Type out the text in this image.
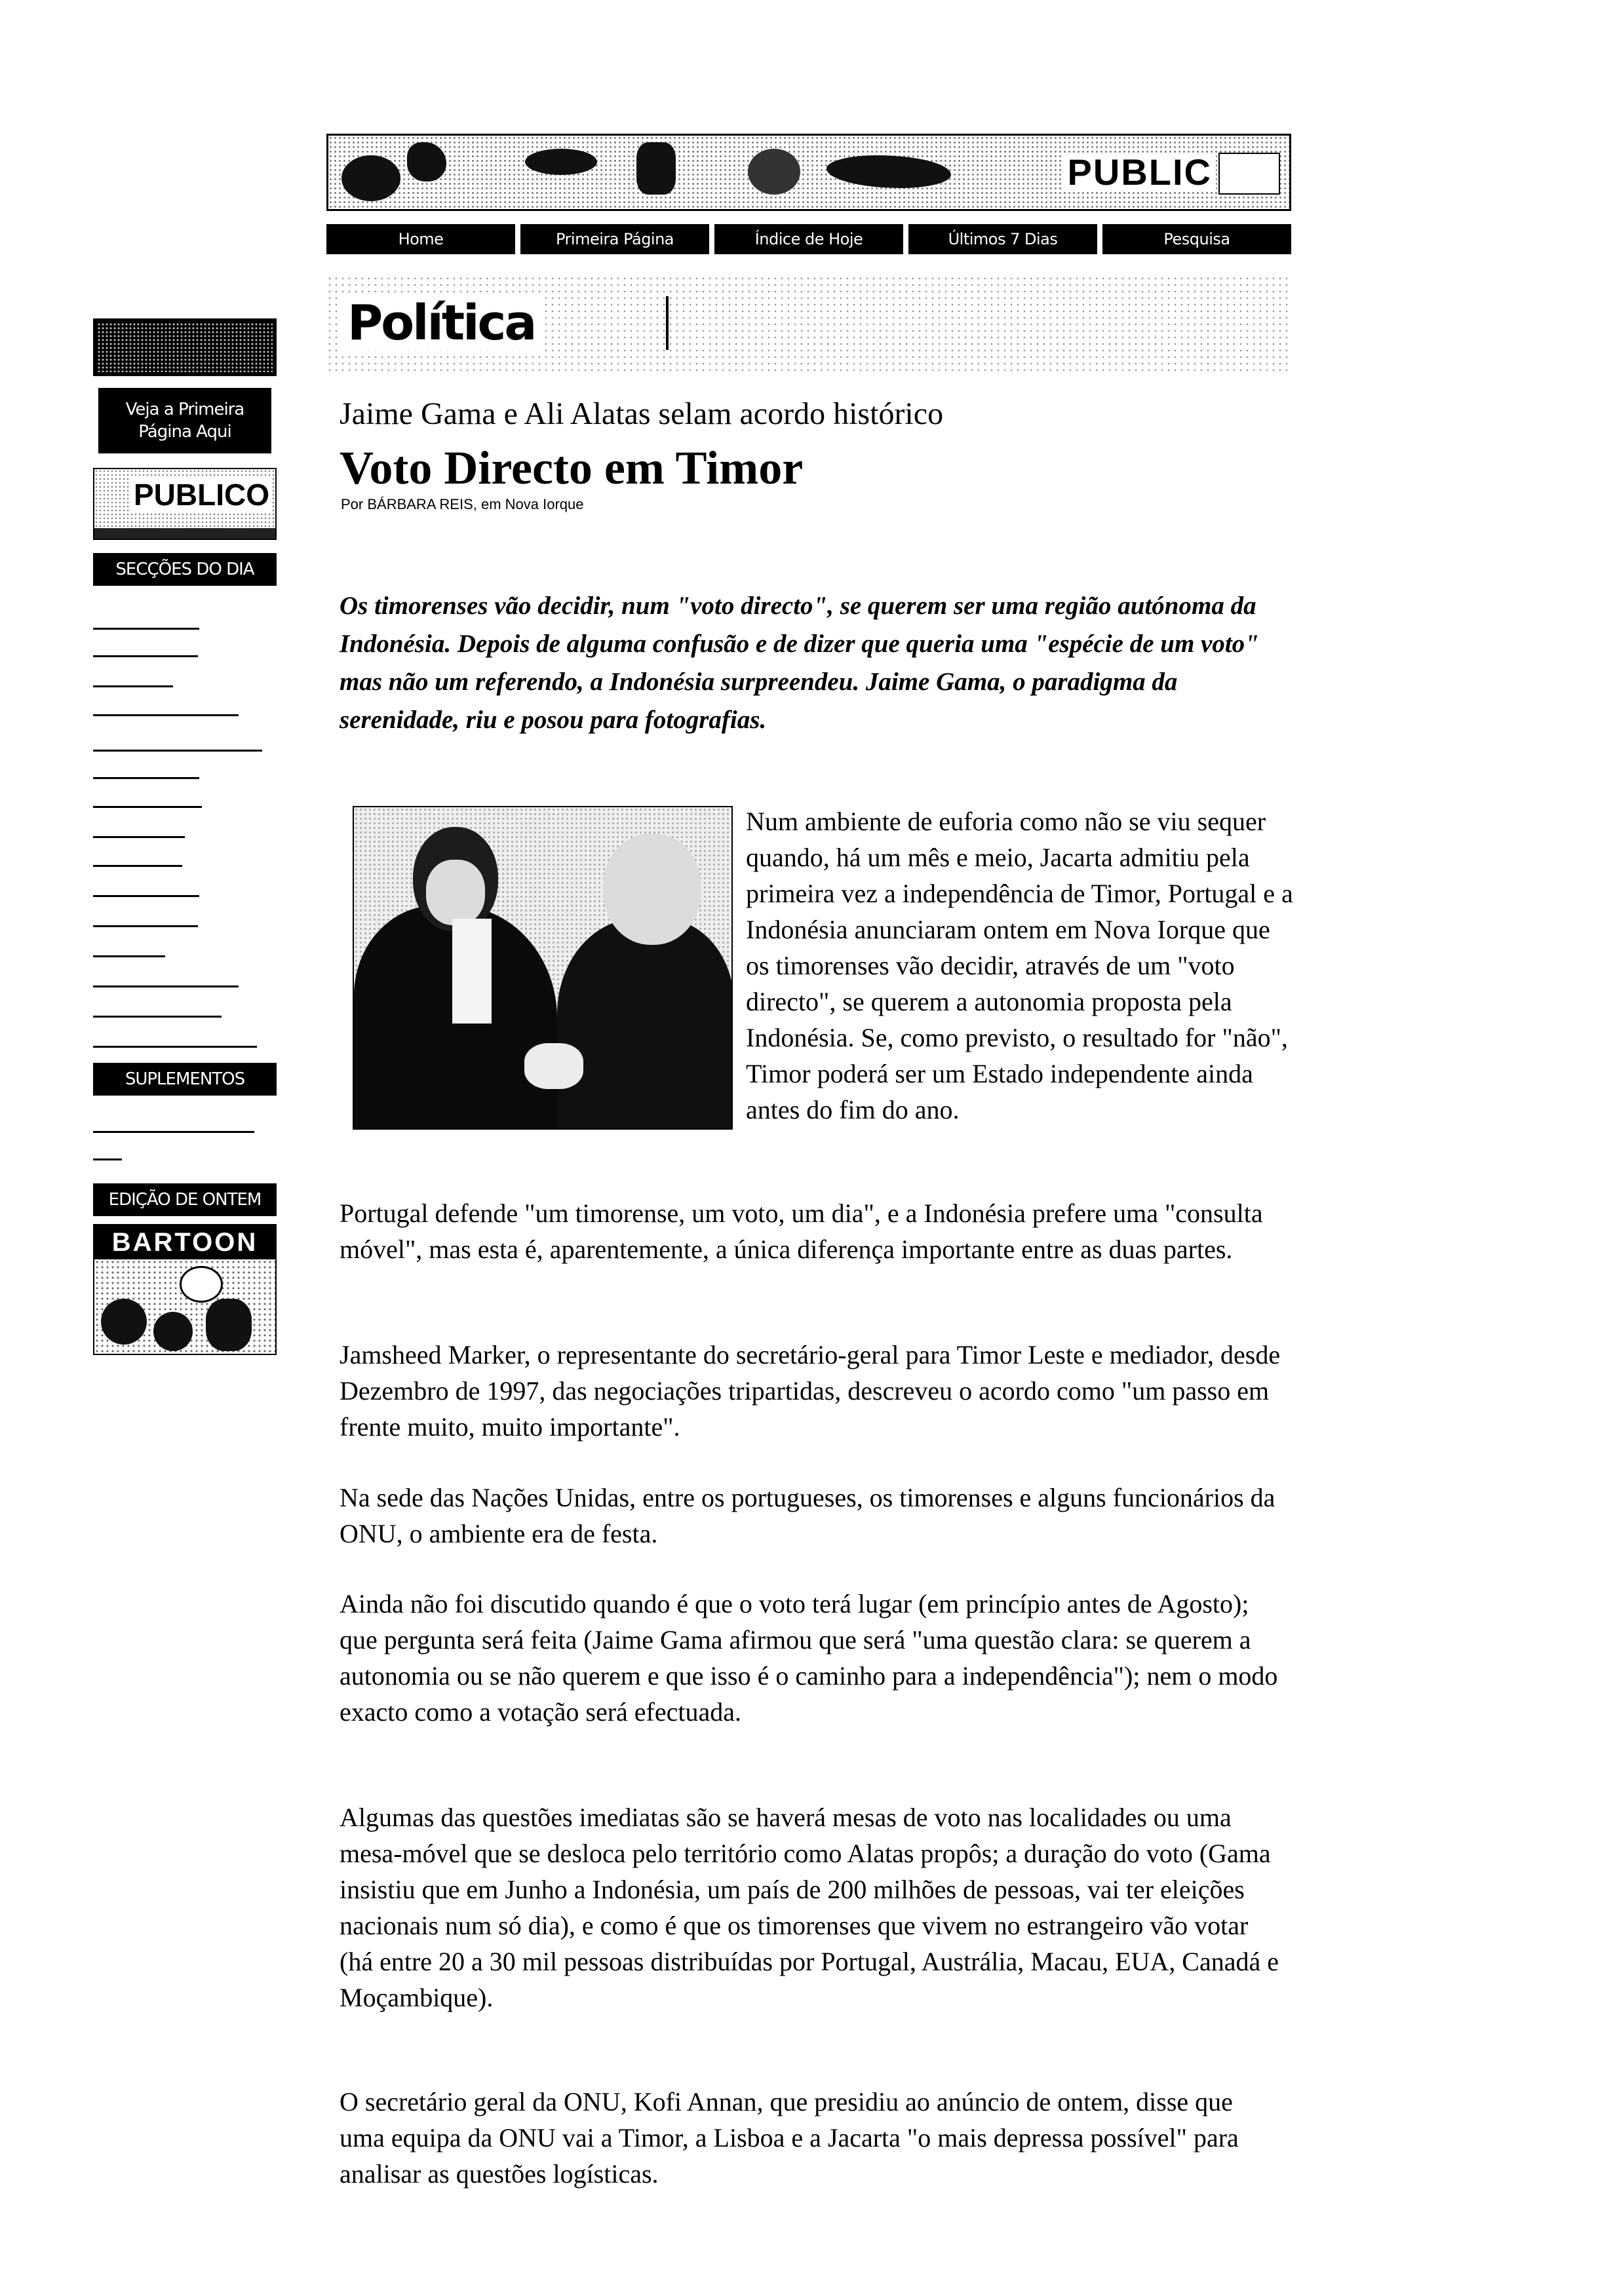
PUBLIC
Home	Primeira Página	Índice de Hoje	Últimos 7 Dias	Pesquisa
Política
Veja a Primeira
Página Aqui
PUBLICO
SECÇÕES DO DIA
SUPLEMENTOS
EDIÇÃO DE ONTEM
BARTOON
Jaime Gama e Ali Alatas selam acordo histórico
Voto Directo em Timor
Por BÁRBARA REIS, em Nova Iorque
Os timorenses vão decidir, num "voto directo", se querem ser uma região autónoma da Indonésia. Depois de alguma confusão e de dizer que queria uma "espécie de um voto" mas não um referendo, a Indonésia surpreendeu. Jaime Gama, o paradigma da serenidade, riu e posou para fotografias.
Num ambiente de euforia como não se viu sequer quando, há um mês e meio, Jacarta admitiu pela primeira vez a independência de Timor, Portugal e a Indonésia anunciaram ontem em Nova Iorque que os timorenses vão decidir, através de um "voto directo", se querem a autonomia proposta pela Indonésia. Se, como previsto, o resultado for "não", Timor poderá ser um Estado independente ainda antes do fim do ano.
Portugal defende "um timorense, um voto, um dia", e a Indonésia prefere uma "consulta móvel", mas esta é, aparentemente, a única diferença importante entre as duas partes.
Jamsheed Marker, o representante do secretário-geral para Timor Leste e mediador, desde Dezembro de 1997, das negociações tripartidas, descreveu o acordo como "um passo em frente muito, muito importante".
Na sede das Nações Unidas, entre os portugueses, os timorenses e alguns funcionários da ONU, o ambiente era de festa.
Ainda não foi discutido quando é que o voto terá lugar (em princípio antes de Agosto); que pergunta será feita (Jaime Gama afirmou que será "uma questão clara: se querem a autonomia ou se não querem e que isso é o caminho para a independência"); nem o modo exacto como a votação será efectuada.
Algumas das questões imediatas são se haverá mesas de voto nas localidades ou uma mesa-móvel que se desloca pelo território como Alatas propôs; a duração do voto (Gama insistiu que em Junho a Indonésia, um país de 200 milhões de pessoas, vai ter eleições nacionais num só dia), e como é que os timorenses que vivem no estrangeiro vão votar (há entre 20 a 30 mil pessoas distribuídas por Portugal, Austrália, Macau, EUA, Canadá e Moçambique).
O secretário geral da ONU, Kofi Annan, que presidiu ao anúncio de ontem, disse que uma equipa da ONU vai a Timor, a Lisboa e a Jacarta "o mais depressa possível" para analisar as questões logísticas.
